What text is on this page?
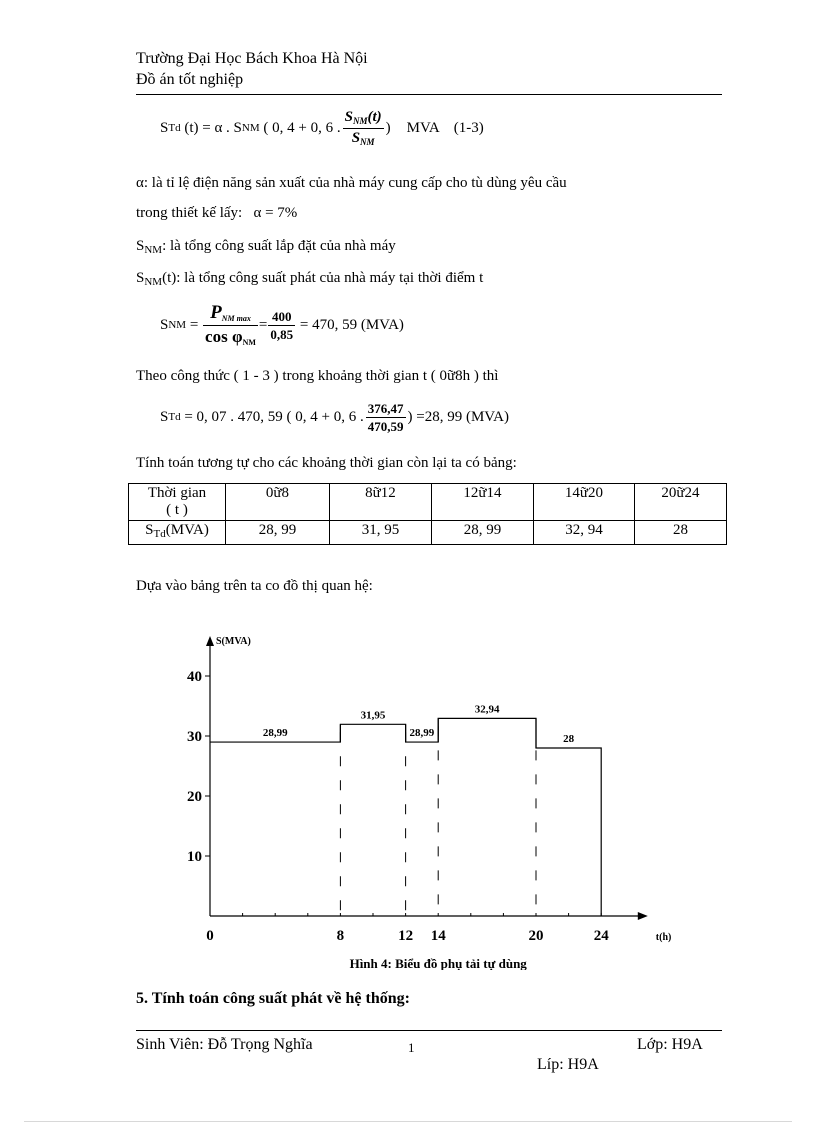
Trường Đại Học Bách Khoa Hà Nội
Đồ án tốt nghiệp
S Td (t) = α . S NM ( 0, 4 + 0, 6 . $\frac{S_{NM}(t)}{S_{NM}}$ ) MVA (1-3)
α: là tỉ lệ điện năng sản xuất của nhà máy cung cấp cho tù dùng yêu cầu
trong thiết kế lấy:   α = 7%
$S_{NM}$: là tổng công suất lắp đặt của nhà máy
$S_{NM}(t)$: là tổng công suất phát của nhà máy tại thời điểm t
S NM = $\frac{P_{NM max}}{\cos \varphi_{NM}} = \frac{400}{0,85} = 470$, 59 (MVA)
Theo công thức ( 1 - 3 ) trong khoảng thời gian t ( 0ữ8h ) thì
S Td = 0, 07 . 470, 59 ( 0, 4 + 0, 6 . $\frac{376,47}{470,59}$ ) =28, 99 (MVA)
Tính toán tương tự cho các khoảng thời gian còn lại ta có bảng:
Thời gian
( t )	0ữ8	8ữ12	12ữ14	14ữ20	20ữ24
$S_{Td}(MVA)$	28, 99	31, 95	28, 99	32, 94	28
Dựa vào bảng trên ta co đồ thị quan hệ:
10
20
30
40
0	8	12 14	20	24
S(MVA)
t(h)
28,99
31,95
28,99
32,94
28
Hình 4: Biểu đồ phụ tải tự dùng
5. Tính toán công suất phát về hệ thống:
Sinh Viên: Đỗ Trọng Nghĩa	1	Lớp: H9A
Líp: H9A
